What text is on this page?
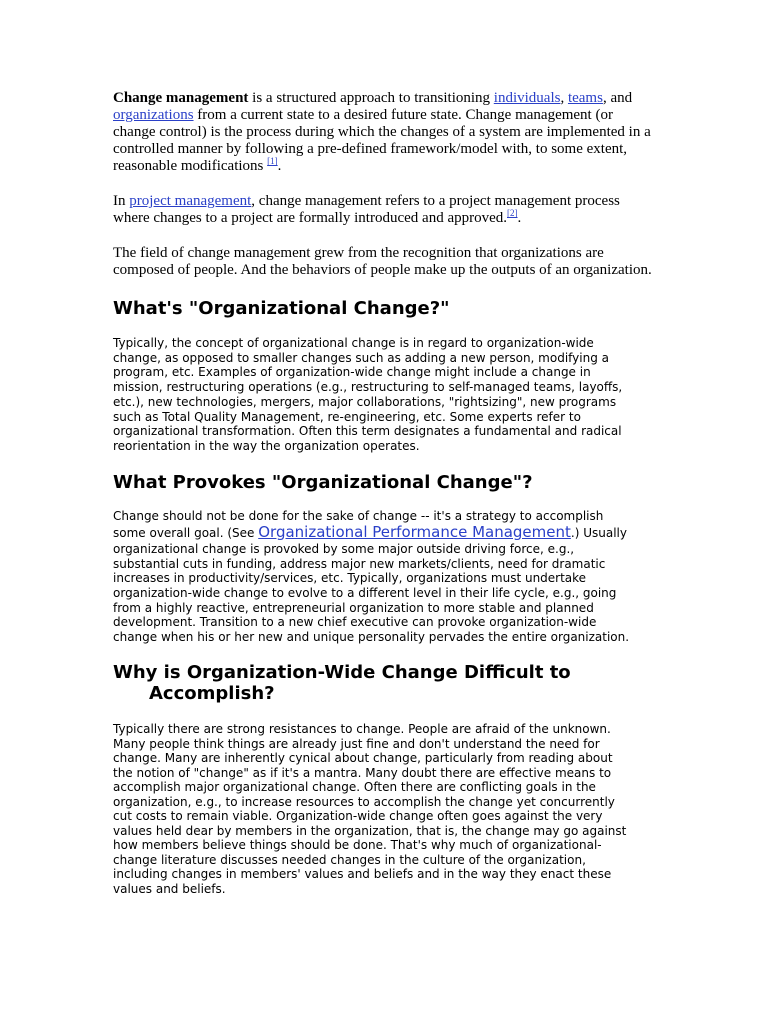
Change management is a structured approach to transitioning individuals, teams, and
organizations from a current state to a desired future state. Change management (or
change control) is the process during which the changes of a system are implemented in a
controlled manner by following a pre-defined framework/model with, to some extent,
reasonable modifications [1].
In project management, change management refers to a project management process
where changes to a project are formally introduced and approved.[2].
The field of change management grew from the recognition that organizations are
composed of people. And the behaviors of people make up the outputs of an organization.
What's "Organizational Change?"
Typically, the concept of organizational change is in regard to organization-wide
change, as opposed to smaller changes such as adding a new person, modifying a
program, etc. Examples of organization-wide change might include a change in
mission, restructuring operations (e.g., restructuring to self-managed teams, layoffs,
etc.), new technologies, mergers, major collaborations, "rightsizing", new programs
such as Total Quality Management, re-engineering, etc. Some experts refer to
organizational transformation. Often this term designates a fundamental and radical
reorientation in the way the organization operates.
What Provokes "Organizational Change"?
Change should not be done for the sake of change -- it's a strategy to accomplish
some overall goal. (See Organizational Performance Management.) Usually
organizational change is provoked by some major outside driving force, e.g.,
substantial cuts in funding, address major new markets/clients, need for dramatic
increases in productivity/services, etc. Typically, organizations must undertake
organization-wide change to evolve to a different level in their life cycle, e.g., going
from a highly reactive, entrepreneurial organization to more stable and planned
development. Transition to a new chief executive can provoke organization-wide
change when his or her new and unique personality pervades the entire organization.
Why is Organization-Wide Change Difficult to
Accomplish?
Typically there are strong resistances to change. People are afraid of the unknown.
Many people think things are already just fine and don't understand the need for
change. Many are inherently cynical about change, particularly from reading about
the notion of "change" as if it's a mantra. Many doubt there are effective means to
accomplish major organizational change. Often there are conflicting goals in the
organization, e.g., to increase resources to accomplish the change yet concurrently
cut costs to remain viable. Organization-wide change often goes against the very
values held dear by members in the organization, that is, the change may go against
how members believe things should be done. That's why much of organizational-
change literature discusses needed changes in the culture of the organization,
including changes in members' values and beliefs and in the way they enact these
values and beliefs.
